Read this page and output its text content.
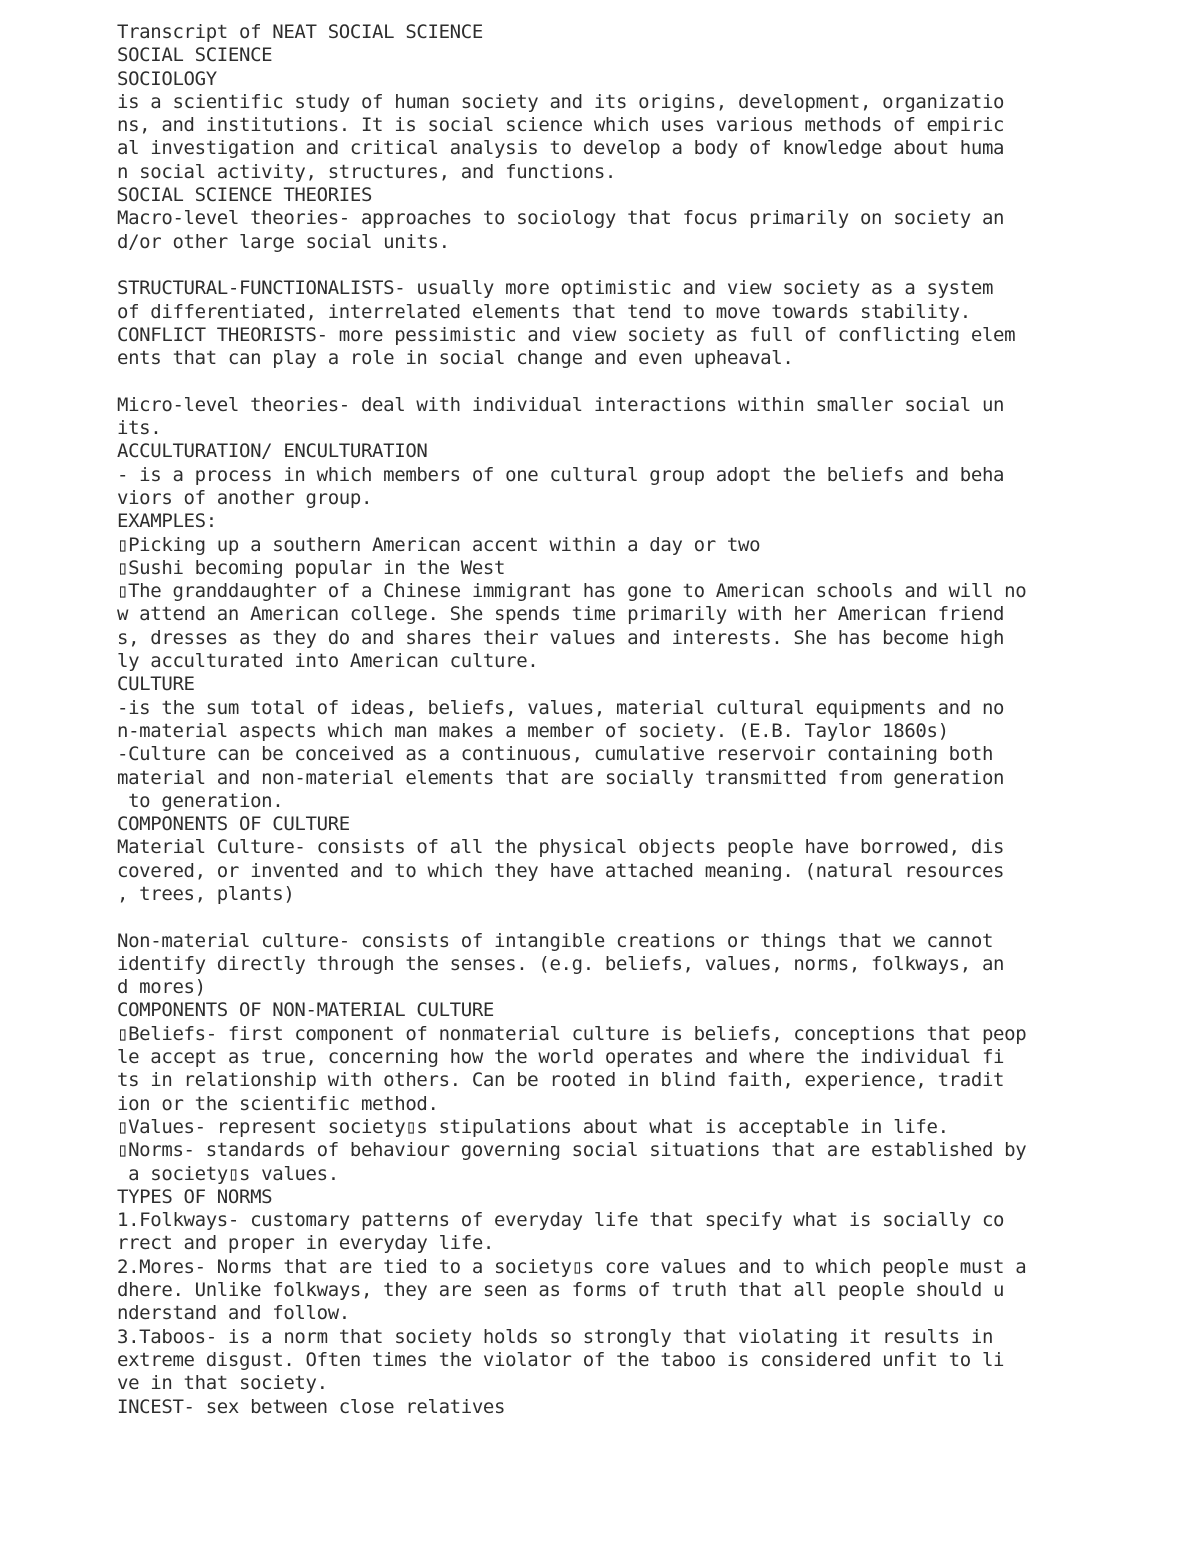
Transcript of NEAT SOCIAL SCIENCE
SOCIAL SCIENCE
SOCIOLOGY
is a scientific study of human society and its origins, development, organizatio
ns, and institutions. It is social science which uses various methods of empiric
al investigation and critical analysis to develop a body of knowledge about huma
n social activity, structures, and functions.
SOCIAL SCIENCE THEORIES
Macro-level theories- approaches to sociology that focus primarily on society an
d/or other large social units.
STRUCTURAL-FUNCTIONALISTS- usually more optimistic and view society as a system
of differentiated, interrelated elements that tend to move towards stability.
CONFLICT THEORISTS- more pessimistic and view society as full of conflicting elem
ents that can play a role in social change and even upheaval.
Micro-level theories- deal with individual interactions within smaller social un
its.
ACCULTURATION/ ENCULTURATION
- is a process in which members of one cultural group adopt the beliefs and beha
viors of another group.
EXAMPLES:
▯Picking up a southern American accent within a day or two
▯Sushi becoming popular in the West
▯The granddaughter of a Chinese immigrant has gone to American schools and will no
w attend an American college. She spends time primarily with her American friend
s, dresses as they do and shares their values and interests. She has become high
ly acculturated into American culture.
CULTURE
-is the sum total of ideas, beliefs, values, material cultural equipments and no
n-material aspects which man makes a member of society. (E.B. Taylor 1860s)
-Culture can be conceived as a continuous, cumulative reservoir containing both
material and non-material elements that are socially transmitted from generation
to generation.
COMPONENTS OF CULTURE
Material Culture- consists of all the physical objects people have borrowed, dis
covered, or invented and to which they have attached meaning. (natural resources
, trees, plants)
Non-material culture- consists of intangible creations or things that we cannot
identify directly through the senses. (e.g. beliefs, values, norms, folkways, an
d mores)
COMPONENTS OF NON-MATERIAL CULTURE
▯Beliefs- first component of nonmaterial culture is beliefs, conceptions that peop
le accept as true, concerning how the world operates and where the individual fi
ts in relationship with others. Can be rooted in blind faith, experience, tradit
ion or the scientific method.
▯Values- represent society▯s stipulations about what is acceptable in life.
▯Norms- standards of behaviour governing social situations that are established by
a society▯s values.
TYPES OF NORMS
1.Folkways- customary patterns of everyday life that specify what is socially co
rrect and proper in everyday life.
2.Mores- Norms that are tied to a society▯s core values and to which people must a
dhere. Unlike folkways, they are seen as forms of truth that all people should u
nderstand and follow.
3.Taboos- is a norm that society holds so strongly that violating it results in
extreme disgust. Often times the violator of the taboo is considered unfit to li
ve in that society.
INCEST- sex between close relatives
